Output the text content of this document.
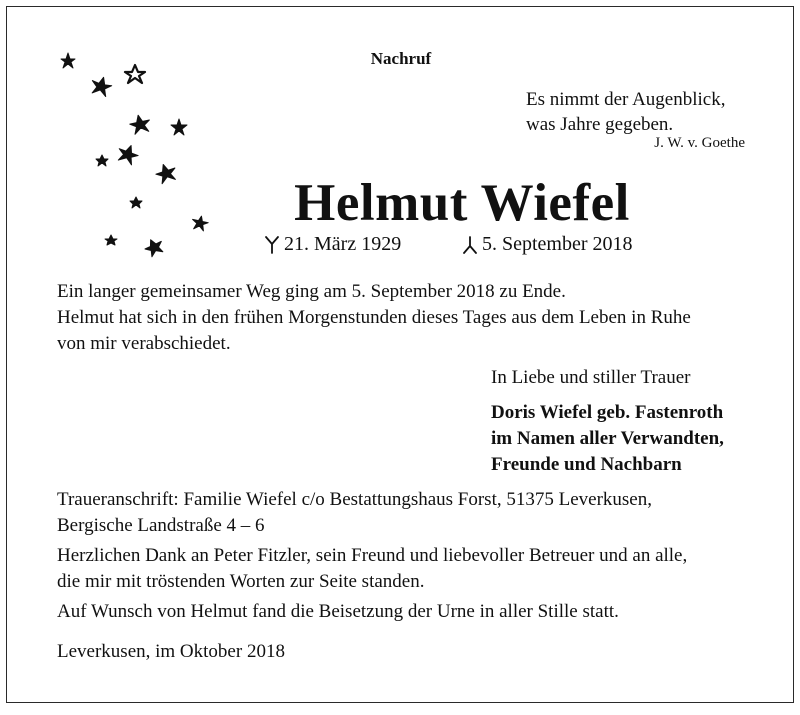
Nachruf
Es nimmt der Augenblick,
was Jahre gegeben.
J. W. v. Goethe
Helmut Wiefel
21. März 1929	5. September 2018
Ein langer gemeinsamer Weg ging am 5. September 2018 zu Ende.
Helmut hat sich in den frühen Morgenstunden dieses Tages aus dem Leben in Ruhe
von mir verabschiedet.
In Liebe und stiller Trauer
Doris Wiefel geb. Fastenroth
im Namen aller Verwandten,
Freunde und Nachbarn
Traueranschrift: Familie Wiefel c/o Bestattungshaus Forst, 51375 Leverkusen,
Bergische Landstraße 4 – 6
Herzlichen Dank an Peter Fitzler, sein Freund und liebevoller Betreuer und an alle,
die mir mit tröstenden Worten zur Seite standen.
Auf Wunsch von Helmut fand die Beisetzung der Urne in aller Stille statt.
Leverkusen, im Oktober 2018
